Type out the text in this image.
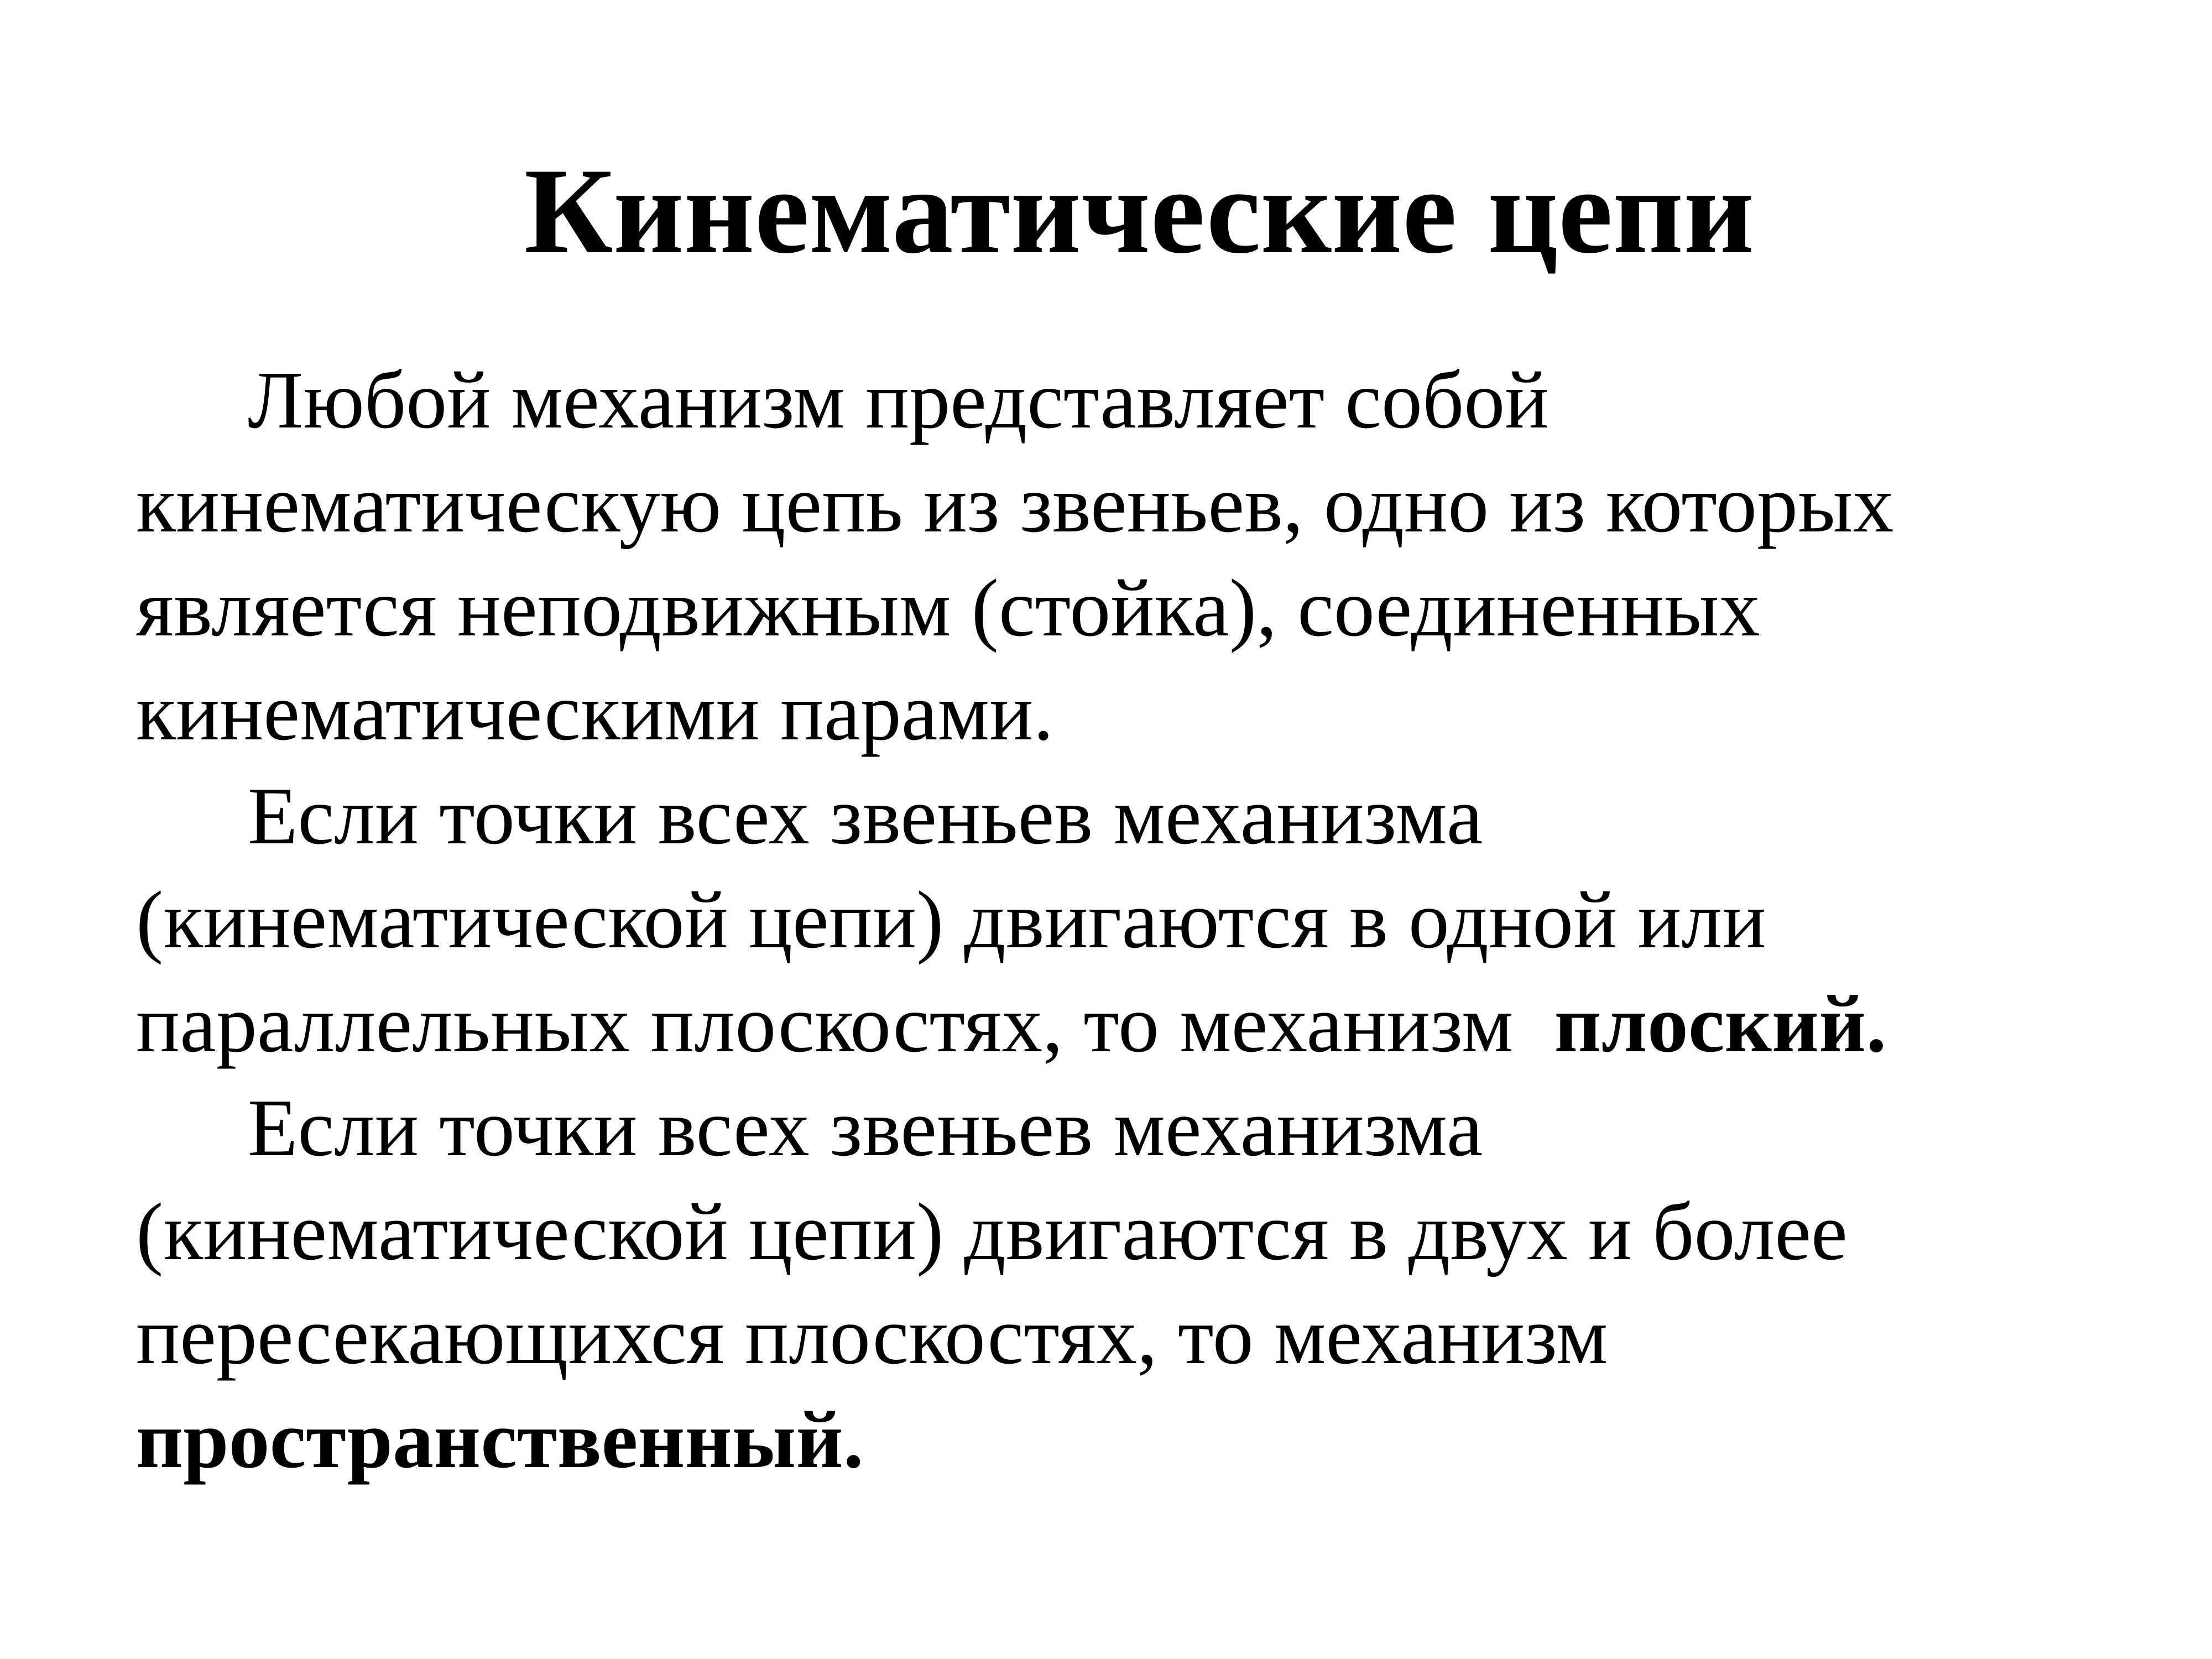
Кинематические цепи
Любой механизм представляет собой
кинематическую цепь из звеньев, одно из которых
является неподвижным (стойка), соединенных
кинематическими парами.
Если точки всех звеньев механизма
(кинематической цепи) двигаются в одной или
параллельных плоскостях, то механизм  плоский.
Если точки всех звеньев механизма
(кинематической цепи) двигаются в двух и более
пересекающихся плоскостях, то механизм
пространственный.
